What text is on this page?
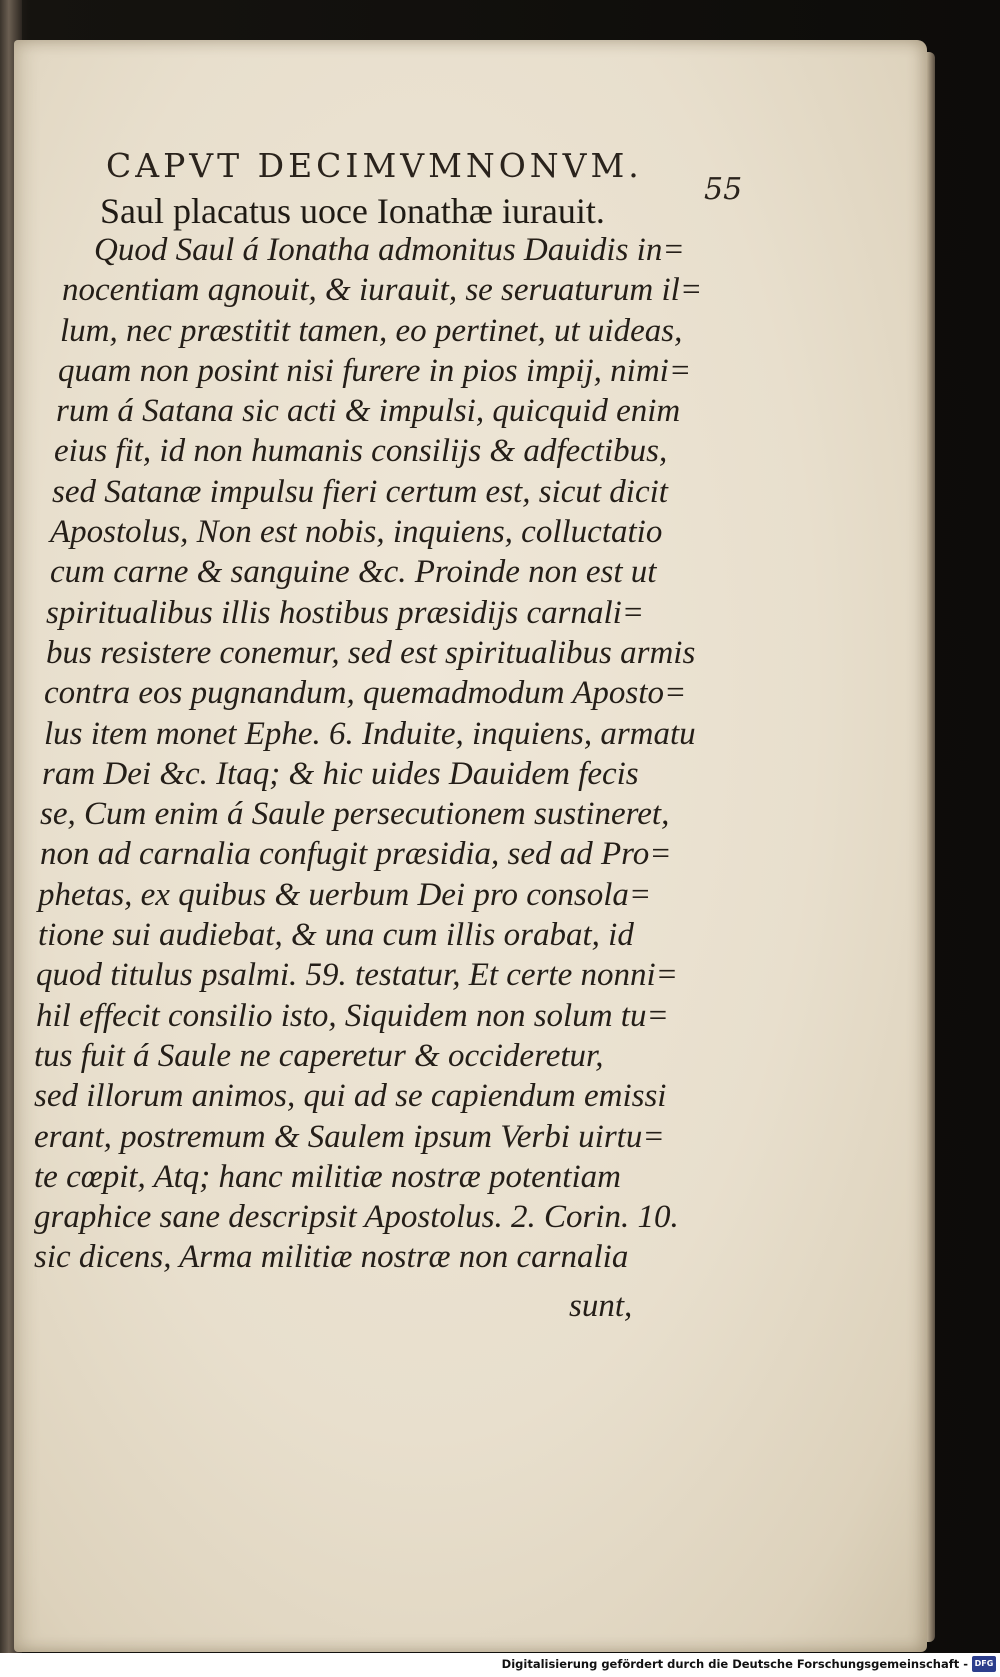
CAPVT DECIMVMNONVM.
55
Saul placatus uoce Ionathæ iurauit.
Quod Saul á Ionatha admonitus Dauidis in=
nocentiam agnouit, & iurauit, se seruaturum il=
lum, nec præstitit tamen, eo pertinet, ut uideas,
quam non posint nisi furere in pios impij, nimi=
rum á Satana sic acti & impulsi, quicquid enim
eius fit, id non humanis consilijs & adfectibus,
sed Satanæ impulsu fieri certum est, sicut dicit
Apostolus, Non est nobis, inquiens, colluctatio
cum carne & sanguine &c. Proinde non est ut
spiritualibus illis hostibus præsidijs carnali=
bus resistere conemur, sed est spiritualibus armis
contra eos pugnandum, quemadmodum Aposto=
lus item monet Ephe. 6. Induite, inquiens, armatu
ram Dei &c. Itaq; & hic uides Dauidem fecis
se, Cum enim á Saule persecutionem sustineret,
non ad carnalia confugit præsidia, sed ad Pro=
phetas, ex quibus & uerbum Dei pro consola=
tione sui audiebat, & una cum illis orabat, id
quod titulus psalmi. 59. testatur, Et certe nonni=
hil effecit consilio isto, Siquidem non solum tu=
tus fuit á Saule ne caperetur & occideretur,
sed illorum animos, qui ad se capiendum emissi
erant, postremum & Saulem ipsum Verbi uirtu=
te cœpit, Atq; hanc militiæ nostræ potentiam
graphice sane descripsit Apostolus. 2. Corin. 10.
sic dicens, Arma militiæ nostræ non carnalia
sunt,
Digitalisierung gefördert durch die Deutsche Forschungsgemeinschaft - DFG
